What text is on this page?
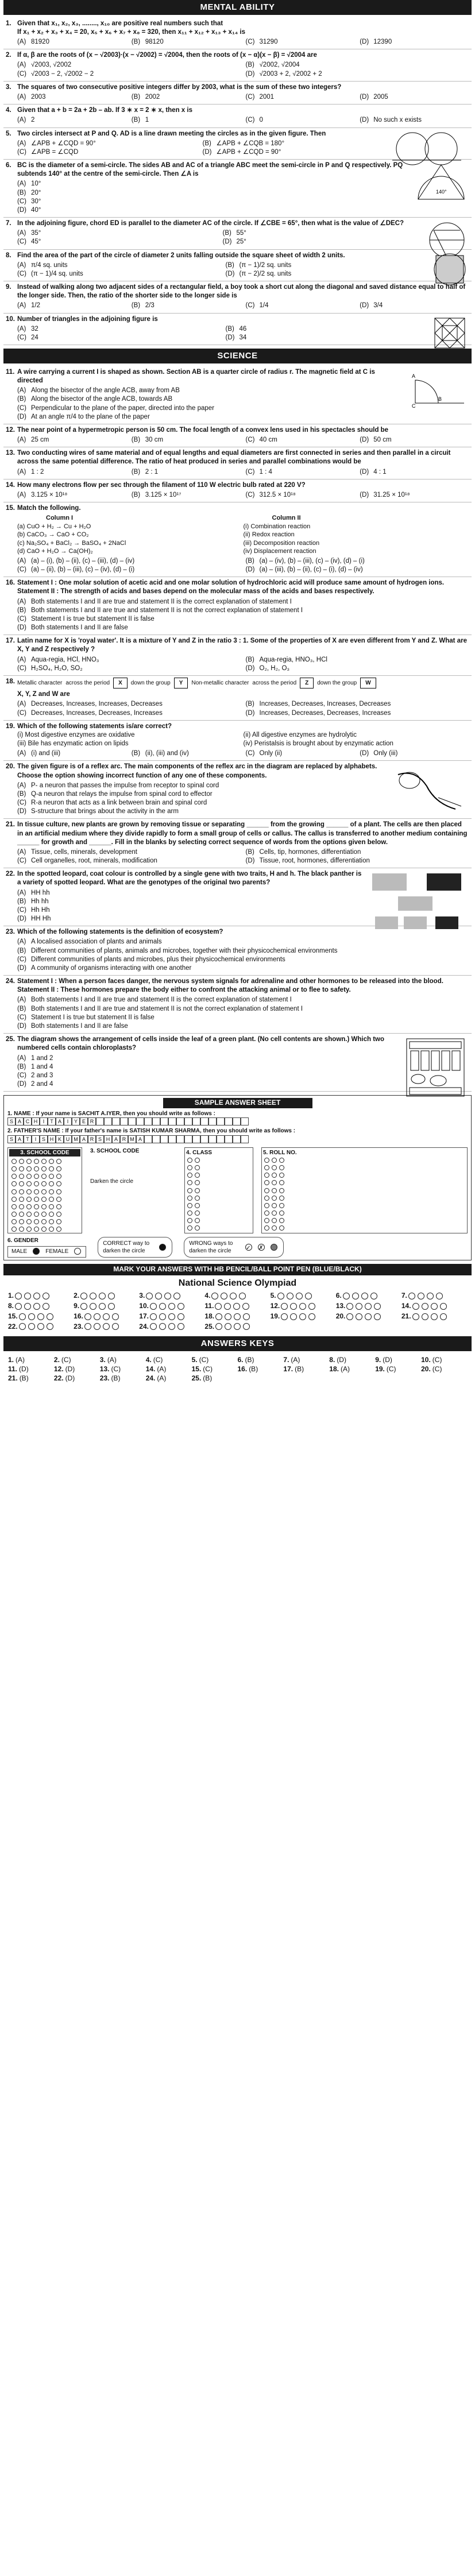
MENTAL ABILITY
1. Given that x₁, x₂, x₃, ........, x₁₀ are positive real numbers such that
If x₁ + x₂ + x₃ + x₄ = 20, x₅ + x₆ + x₇ + x₈ = 320, then x₁₁ + x₁₂ + x₁₃ + x₁₄ is
(A) 81920	(B) 98120	(C) 31290	(D) 12390
2. If α, β are the roots of (x − √2003)·(x − √2002) = √2004, then the roots of (x − α)(x − β) = √2004 are
(A) √2003, √2002	(B) √2002, √2004
(C) √2003 − 2, √2002 − 2	(D) √2003 + 2, √2002 + 2
3. The squares of two consecutive positive integers differ by 2003, what is the sum of these two integers?
(A) 2003	(B) 2002	(C) 2001	(D) 2005
4. Given that a + b = 2a + 2b – ab. If 3 ∗ x = 2 ∗ x, then x is
(A) 2	(B) 1	(C) 0	(D) No such x exists
5. Two circles intersect at P and Q. AD is a line drawn meeting the circles as in the given figure. Then
(A) ∠APB + ∠CQD = 90°	(B) ∠APB + ∠CQB = 180°
(C) ∠APB = ∠CQD	(D) ∠APB + ∠CQD = 90°
6. BC is the diameter of a semi-circle. The sides AB and AC of a triangle ABC meet the semi-circle in P and Q respectively. PQ subtends 140° at the centre of the semi-circle. Then ∠A is
(A) 10°
(B) 20°
(C) 30°
(D) 40°
140°
7. In the adjoining figure, chord ED is parallel to the diameter AC of the circle. If ∠CBE = 65°, then what is the value of ∠DEC?
(A) 35°	(B) 55°
(C) 45°	(D) 25°
8. Find the area of the part of the circle of diameter 2 units falling outside the square sheet of width 2 units.
(A) π/4 sq. units	(B) (π − 1)/2 sq. units
(C) (π − 1)/4 sq. units	(D) (π − 2)/2 sq. units
9. Instead of walking along two adjacent sides of a rectangular field, a boy took a short cut along the diagonal and saved distance equal to half of the longer side. Then, the ratio of the shorter side to the longer side is
(A) 1/2	(B) 2/3	(C) 1/4	(D) 3/4
10. Number of triangles in the adjoining figure is
(A) 32	(B) 46
(C) 24	(D) 34
SCIENCE
11. A wire carrying a current I is shaped as shown. Section AB is a quarter circle of radius r. The magnetic field at C is directed
(A) Along the bisector of the angle ACB, away from AB
(B) Along the bisector of the angle ACB, towards AB
(C) Perpendicular to the plane of the paper, directed into the paper
(D) At an angle π/4 to the plane of the paper
C
A
B
12. The near point of a hypermetropic person is 50 cm. The focal length of a convex lens used in his spectacles should be
(A) 25 cm	(B) 30 cm	(C) 40 cm	(D) 50 cm
13. Two conducting wires of same material and of equal lengths and equal diameters are first connected in series and then parallel in a circuit across the same potential difference. The ratio of heat produced in series and parallel combinations would be
(A) 1 : 2	(B) 2 : 1	(C) 1 : 4	(D) 4 : 1
14. How many electrons flow per sec through the filament of 110 W electric bulb rated at 220 V?
(A) 3.125 × 10¹⁸	(B) 3.125 × 10¹⁷	(C) 312.5 × 10¹⁸	(D) 31.25 × 10¹⁸
15. Match the following.
Column I	Column II
(a) CuO + H₂ → Cu + H₂O	(i) Combination reaction
(b) CaCO₃ → CaO + CO₂	(ii) Redox reaction
(c) Na₂SO₄ + BaCl₂ → BaSO₄ + 2NaCl	(iii) Decomposition reaction
(d) CaO + H₂O → Ca(OH)₂	(iv) Displacement reaction
(A) (a) – (i), (b) – (ii), (c) – (iii), (d) – (iv)	(B) (a) – (iv), (b) – (iii), (c) – (iv), (d) – (i)
(C) (a) – (ii), (b) – (iii), (c) – (iv), (d) – (i)	(D) (a) – (iii), (b) – (ii), (c) – (i), (d) – (iv)
16. Statement I : One molar solution of acetic acid and one molar solution of hydrochloric acid will produce same amount of hydrogen ions. Statement II : The strength of acids and bases depend on the molecular mass of the acids and bases respectively.
(A) Both statements I and II are true and statement II is the correct explanation of statement I
(B) Both statements I and II are true and statement II is not the correct explanation of statement I
(C) Statement I is true but statement II is false
(D) Both statements I and II are false
17. Latin name for X is 'royal water'. It is a mixture of Y and Z in the ratio 3 : 1. Some of the properties of X are even different from Y and Z. What are X, Y and Z respectively ?
(A) Aqua-regia, HCl, HNO₃	(B) Aqua-regia, HNO₃, HCl
(C) H₂SO₄, H₂O, SO₂	(D) O₂, H₂, O₃
18. Metallic character across the period	X	down the group	Y	Non-metallic character across the period	Z	down the group	W
X, Y, Z and W are
(A) Decreases, Increases, Increases, Decreases	(B) Increases, Decreases, Increases, Decreases
(C) Decreases, Increases, Decreases, Increases	(D) Increases, Decreases, Decreases, Increases
19. Which of the following statements is/are correct?
(i) Most digestive enzymes are oxidative	(ii) All digestive enzymes are hydrolytic
(iii) Bile has enzymatic action on lipids	(iv) Peristalsis is brought about by enzymatic action
(A) (i) and (iii)	(B) (ii), (iii) and (iv)	(C) Only (ii)	(D) Only (iii)
20. The given figure is of a reflex arc. The main components of the reflex arc in the diagram are replaced by alphabets. Choose the option showing incorrect function of any one of these components.
(A) P- a neuron that passes the impulse from receptor to spinal cord
(B) Q-a neuron that relays the impulse from spinal cord to effector
(C) R-a neuron that acts as a link between brain and spinal cord
(D) S-structure that brings about the activity in the arm
21. In tissue culture, new plants are grown by removing tissue or separating ______ from the growing ______ of a plant. The cells are then placed in an artificial medium where they divide rapidly to form a small group of cells or callus. The callus is transferred to another medium containing ______ for growth and ______. Fill in the blanks by selecting correct sequence of words from the options given below.
(A) Tissue, cells, minerals, development	(B) Cells, tip, hormones, differentiation
(C) Cell organelles, root, minerals, modification	(D) Tissue, root, hormones, differentiation
22. In the spotted leopard, coat colour is controlled by a single gene with two traits, H and h. The black panther is a variety of spotted leopard. What are the genotypes of the original two parents?
(A) HH hh
(B) Hh hh
(C) Hh Hh
(D) HH Hh
23. Which of the following statements is the definition of ecosystem?
(A) A localised association of plants and animals
(B) Different communities of plants, animals and microbes, together with their physicochemical environments
(C) Different communities of plants and microbes, plus their physicochemical environments
(D) A community of organisms interacting with one another
24. Statement I : When a person faces danger, the nervous system signals for adrenaline and other hormones to be released into the blood. Statement II : These hormones prepare the body either to confront the attacking animal or to flee to safety.
(A) Both statements I and II are true and statement II is the correct explanation of statement I
(B) Both statements I and II are true and statement II is not the correct explanation of statement I
(C) Statement I is true but statement II is false
(D) Both statements I and II are false
25. The diagram shows the arrangement of cells inside the leaf of a green plant. (No cell contents are shown.) Which two numbered cells contain chloroplasts?
(A) 1 and 2
(B) 1 and 4
(C) 2 and 3
(D) 2 and 4
SAMPLE ANSWER SHEET
1. NAME : If your name is SACHIT A.IYER, then you should write as follows :
S A C H	I	T A	I	Y E R
2. FATHER'S NAME : If your father's name is SATISH KUMAR SHARMA, then you should write as follows :
S A T	I	S H K U M A R S H A R M A
3. SCHOOL CODE	3. SCHOOL CODE
Darken the circle
4. CLASS	5. ROLL NO.
6. GENDER
MALE	FEMALE
CORRECT way to darken the circle
WRONG ways to darken the circle	✓ ✗
MARK YOUR ANSWERS WITH HB PENCIL/BALL POINT PEN (BLUE/BLACK)
National Science Olympiad
1.	2.	3.	4.	5.	6.	7.
8.	9.	10.	11.	12.	13.	14.
15.	16.	17.	18.	19.	20.	21.
22.	23.	24.	25.
ANSWERS KEYS
1. (A)	2. (C)	3. (A)	4. (C)	5. (C)	6. (B)	7. (A)	8. (D)	9. (D)	10. (C)
11. (D)	12. (D)	13. (C)	14. (A)	15. (C)	16. (B)	17. (B)	18. (A)	19. (C)	20. (C)
21. (B)	22. (D)	23. (B)	24. (A)	25. (B)
